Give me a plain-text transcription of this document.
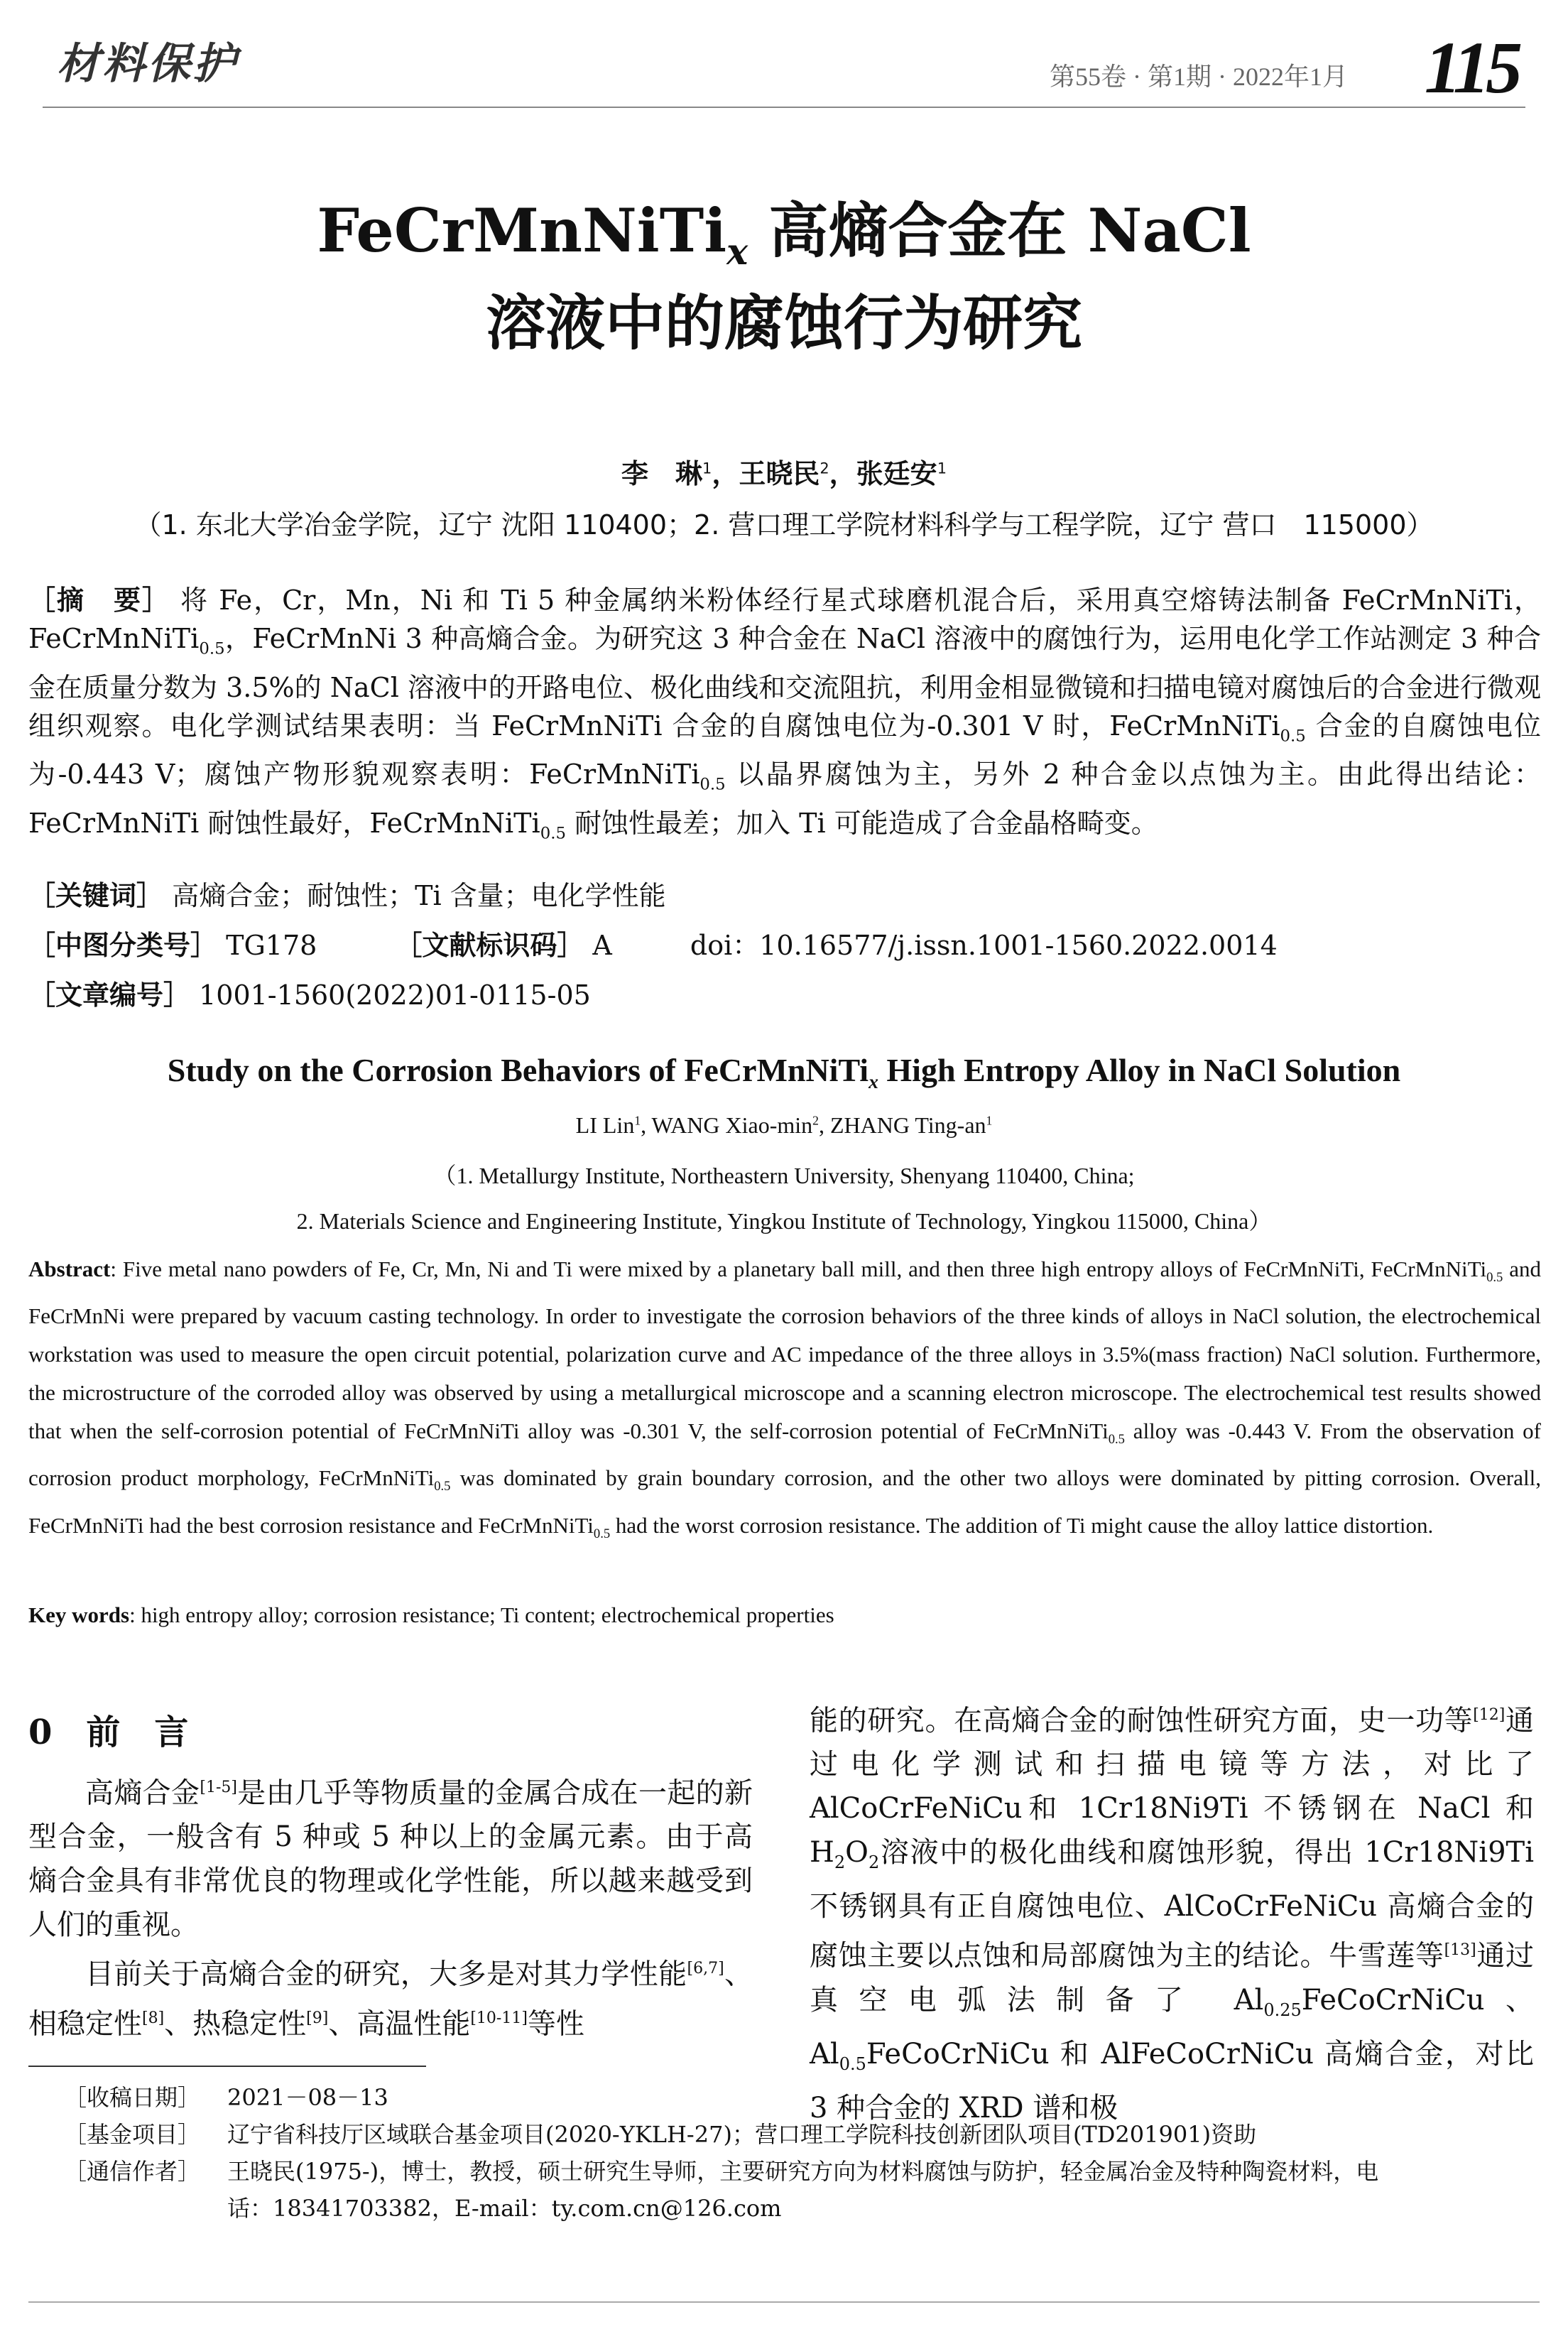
材料保护	第55卷 · 第1期 · 2022年1月 115
FeCrMnNiTi$_x$ 高熵合金在 NaCl
溶液中的腐蚀行为研究
李　琳$^1$，王晓民$^2$，张廷安$^1$
（1. 东北大学冶金学院，辽宁 沈阳 110400；2. 营口理工学院材料科学与工程学院，辽宁 营口　115000）
［摘　要］ 将 Fe，Cr，Mn，Ni 和 Ti 5 种金属纳米粉体经行星式球磨机混合后，采用真空熔铸法制备 FeCrMnNiTi，FeCrMnNiTi$_{0.5}$，FeCrMnNi 3 种高熵合金。为研究这 3 种合金在 NaCl 溶液中的腐蚀行为，运用电化学工作站测定 3 种合金在质量分数为 3.5%的 NaCl 溶液中的开路电位、极化曲线和交流阻抗，利用金相显微镜和扫描电镜对腐蚀后的合金进行微观组织观察。电化学测试结果表明：当 FeCrMnNiTi 合金的自腐蚀电位为-0.301 V 时，FeCrMnNiTi$_{0.5}$ 合金的自腐蚀电位为-0.443 V；腐蚀产物形貌观察表明：FeCrMnNiTi$_{0.5}$ 以晶界腐蚀为主，另外 2 种合金以点蚀为主。由此得出结论：FeCrMnNiTi 耐蚀性最好，FeCrMnNiTi$_{0.5}$ 耐蚀性最差；加入 Ti 可能造成了合金晶格畸变。
［关键词］ 高熵合金；耐蚀性；Ti 含量；电化学性能
［中图分类号］ TG178	［文献标识码］ A	doi：10.16577/j.issn.1001-1560.2022.0014
［文章编号］ 1001-1560(2022)01-0115-05
Study on the Corrosion Behaviors of FeCrMnNiTi$_x$ High Entropy Alloy in NaCl Solution
LI Lin$^1$, WANG Xiao-$\min^2$, ZHANG Ting-$an^1$
（1. Metallurgy Institute, Northeastern University, Shenyang 110400, China;
2. Materials Science and Engineering Institute, Yingkou Institute of Technology, Yingkou 115000, China）
Abstract: Five metal nano powders of Fe, Cr, Mn, Ni and Ti were mixed by a planetary ball mill, and then three high entropy alloys of FeCrMnNiTi, FeCrMnNiTi$_{0.5}$ and FeCrMnNi were prepared by vacuum casting technology. In order to investigate the corrosion behaviors of the three kinds of alloys in NaCl solution, the electrochemical workstation was used to measure the open circuit potential, polarization curve and AC impedance of the three alloys in 3.5%(mass fraction) NaCl solution. Furthermore, the microstructure of the corroded alloy was observed by using a metallurgical microscope and a scanning electron microscope. The electrochemical test results showed that when the self-corrosion potential of FeCrMnNiTi alloy was -0.301 V, the self-corrosion potential of FeCrMnNiTi$_{0.5}$ alloy was -0.443 V. From the observation of corrosion product morphology, FeCrMnNiTi$_{0.5}$ was dominated by grain boundary corrosion, and the other two alloys were dominated by pitting corrosion. Overall, FeCrMnNiTi had the best corrosion resistance and FeCrMnNiTi$_{0.5}$ had the worst corrosion resistance. The addition of Ti might cause the alloy lattice distortion.
Key words: high entropy alloy; corrosion resistance; Ti content; electrochemical properties
0　 前　言

高熵合金[1-5]是由几乎等物质量的金属合成在一起的新型合金，一般含有 5 种或 5 种以上的金属元素。由于高熵合金具有非常优良的物理或化学性能，所以越来越受到人们的重视。

目前关于高熵合金的研究，大多是对其力学性能[6,7]、相稳定性[8]、热稳定性[9]、高温性能[10-11]等性

能的研究。在高熵合金的耐蚀性研究方面，史一功等[12]通过电化学测试和扫描电镜等方法，对比了 AlCoCrFeNiCu和 1Cr18Ni9Ti 不锈钢在 NaCl 和 $H_2O_2$溶液中的极化曲线和腐蚀形貌，得出 1Cr18Ni9Ti 不锈钢具有正自腐蚀电位、AlCoCrFeNiCu 高熵合金的腐蚀主要以点蚀和局部腐蚀为主的结论。牛雪莲等[13]通过真空电弧法制备了 $Al_{0.25}FeCoCrNiCu$、$Al_{0.5}FeCoCrNiCu$ 和 AlFeCoCrNiCu 高熵合金，对比 3 种合金的 XRD 谱和极

［收稿日期］ 2021－08－13
［基金项目］ 辽宁省科技厅区域联合基金项目(2020-YKLH-27)；营口理工学院科技创新团队项目(TD201901)资助
［通信作者］ 王晓民(1975-)，博士，教授，硕士研究生导师，主要研究方向为材料腐蚀与防护，轻金属冶金及特种陶瓷材料，电
话：18341703382，E-mail：ty.com.cn@126.com
